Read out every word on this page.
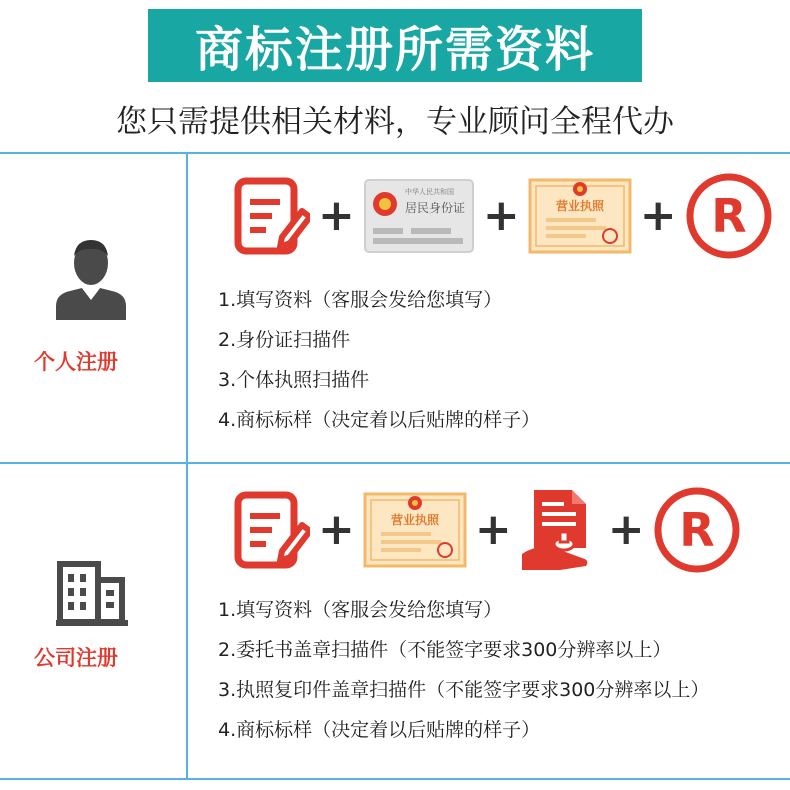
商标注册所需资料
您只需提供相关材料，专业顾问全程代办
个人注册
+	中华人民共和国
居民身份证 +	营业执照 + R
1.填写资料（客服会发给您填写）
2.身份证扫描件
3.个体执照扫描件
4.商标标样（决定着以后贴牌的样子）
公司注册
+	营业执照 + + R
1.填写资料（客服会发给您填写）
2.委托书盖章扫描件（不能签字要求300分辨率以上）
3.执照复印件盖章扫描件（不能签字要求300分辨率以上）
4.商标标样（决定着以后贴牌的样子）
